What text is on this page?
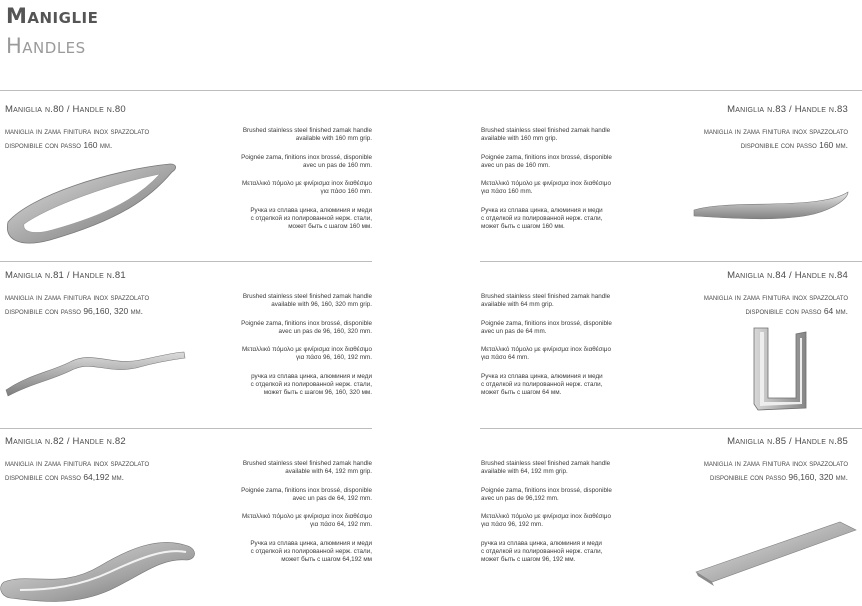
Maniglie
Handles
Maniglia n.80 / Handle n.80
maniglia in zama finitura inox spazzolato
disponibile con passo 160 mm.

Brushed stainless steel finished zamak handle
available with 160 mm grip.

Poignée zama, finitions inox brossé, disponible
avec un pas de 160 mm.

Μεταλλικό πόμολο με φινίρισμα inox διαθέσιμο
για πάσο 160 mm.

Ручка из сплава цинка, алюминия и меди
с отделкой из полированной нерж. стали,
может быть с шагом 160 мм.

Maniglia n.81 / Handle n.81
maniglia in zama finitura inox spazzolato
disponibile con passo 96,160, 320 mm.

Brushed stainless steel finished zamak handle
available with 96, 160, 320 mm grip.

Poignée zama, finitions inox brossé, disponible
avec un pas de 96, 160, 320 mm.

Μεταλλικό πόμολο με φινίρισμα inox διαθέσιμο
για πάσο 96, 160, 192 mm.

ручка из сплава цинка, алюминия и меди
с отделкой из полированной нерж. стали,
может быть с шагом 96, 160, 320 мм.

Maniglia n.82 / Handle n.82
maniglia in zama finitura inox spazzolato
disponibile con passo 64,192 mm.

Brushed stainless steel finished zamak handle
available with 64, 192 mm grip.

Poignée zama, finitions inox brossé, disponible
avec un pas de 64, 192 mm.

Μεταλλικό πόμολο με φινίρισμα inox διαθέσιμο
για πάσο 64, 192 mm.

Ручка из сплава цинка, алюминия и меди
с отделкой из полированной нерж. стали,
может быть с шагом 64,192 мм

Maniglia n.83 / Handle n.83
maniglia in zama finitura inox spazzolato
disponibile con passo 160 mm.

Brushed stainless steel finished zamak handle
available with 160 mm grip.

Poignée zama, finitions inox brossé, disponible
avec un pas de 160 mm.

Μεταλλικό πόμολο με φινίρισμα inox διαθέσιμο
για πάσο 160 mm.

Ручка из сплава цинка, алюминия и меди
с отделкой из полированной нерж. стали,
может быть с шагом 160 мм.

Maniglia n.84 / Handle n.84
maniglia in zama finitura inox spazzolato
disponibile con passo 64 mm.

Brushed stainless steel finished zamak handle
available with 64 mm grip.

Poignée zama, finitions inox brossé, disponible
avec un pas de 64 mm.

Μεταλλικό πόμολο με φινίρισμα inox διαθέσιμο
για πάσο 64 mm.

Ручка из сплава цинка, алюминия и меди
с отделкой из полированной нерж. стали,
может быть с шагом 64 мм.

Maniglia n.85 / Handle n.85
maniglia in zama finitura inox spazzolato
disponibile con passo 96,160, 320 mm.

Brushed stainless steel finished zamak handle
available with 64, 192 mm grip.

Poignée zama, finitions inox brossé, disponible
avec un pas de 96,192 mm.

Μεταλλικό πόμολο με φινίρισμα inox διαθέσιμο
για πάσο 96, 192 mm.

ручка из сплава цинка, алюминия и меди
с отделкой из полированной нерж. стали,
может быть с шагом 96, 192 мм.
